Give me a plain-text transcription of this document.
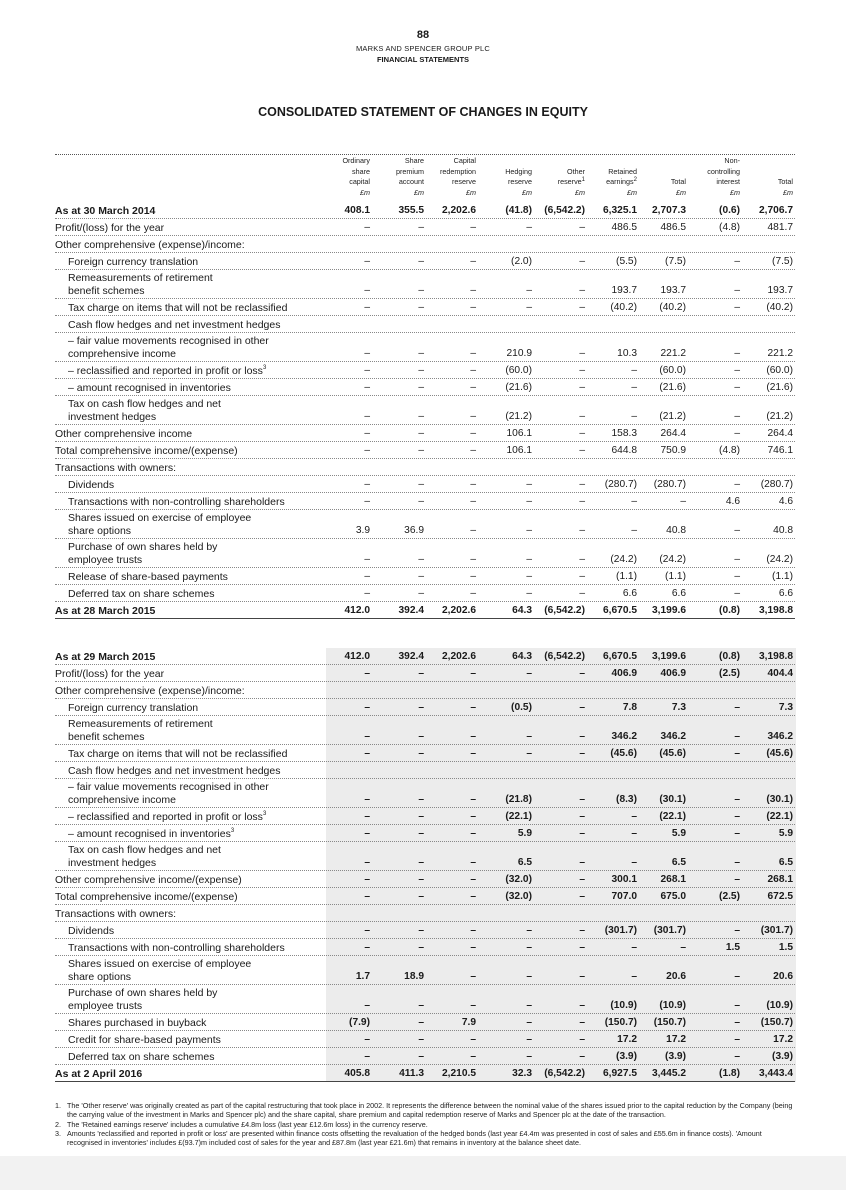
88
MARKS AND SPENCER GROUP PLC
FINANCIAL STATEMENTS
CONSOLIDATED STATEMENT OF CHANGES IN EQUITY
Ordinary
share
capital
£m
Share
premium
account
£m
Capital
redemption
reserve
£m
Hedging
reserve
£m
Other
reserve$^1$
£m
Retained
earnings$^2$
£m
Total
£m
Non-
controlling
interest
£m
Total
£m
As at 30 March 2014	408.1	355.5 2,202.6	(41.8) (6,542.2) 6,325.1 2,707.3	(0.6) 2,706.7
Profit/(loss) for the year	–	–	–	–	–	486.5 486.5	(4.8)	481.7
Other comprehensive (expense)/income:
Foreign currency translation	–	–	–	(2.0)	–	(5.5)	(7.5)	–	(7.5)
Remeasurements of retirement
benefit schemes	–	–	–	–	–	193.7 193.7	–	193.7
Tax charge on items that will not be reclassified	–	–	–	–	– (40.2) (40.2)	–	(40.2)
Cash flow hedges and net investment hedges
– fair value movements recognised in other
comprehensive income	–	–	–	210.9	–	10.3 221.2	–	221.2
– reclassified and reported in profit or loss$^3$	–	–	–	(60.0)	–	– (60.0)	–	(60.0)
– amount recognised in inventories	–	–	–	(21.6)	–	– (21.6)	–	(21.6)
Tax on cash flow hedges and net
investment hedges	–	–	–	(21.2)	–	– (21.2)	–	(21.2)
Other comprehensive income	–	–	–	106.1	–	158.3 264.4	–	264.4
Total comprehensive income/(expense)	–	–	–	106.1	–	644.8 750.9	(4.8)	746.1
Transactions with owners:
Dividends	–	–	–	–	– (280.7) (280.7)	– (280.7)
Transactions with non-controlling shareholders	–	–	–	–	–	–	–	4.6	4.6
Shares issued on exercise of employee
share options	3.9	36.9	–	–	–	–	40.8	–	40.8
Purchase of own shares held by
employee trusts	–	–	–	–	– (24.2) (24.2)	–	(24.2)
Release of share-based payments	–	–	–	–	–	(1.1)	(1.1)	–	(1.1)
Deferred tax on share schemes	–	–	–	–	–	6.6	6.6	–	6.6
As at 28 March 2015	412.0	392.4 2,202.6	64.3 (6,542.2) 6,670.5 3,199.6	(0.8) 3,198.8
As at 29 March 2015	412.0	392.4 2,202.6	64.3 (6,542.2) 6,670.5 3,199.6	(0.8) 3,198.8
Profit/(loss) for the year	–	–	–	–	–	406.9 406.9	(2.5)	404.4
Other comprehensive (expense)/income:
Foreign currency translation	–	–	–	(0.5)	–	7.8	7.3	–	7.3
Remeasurements of retirement
benefit schemes	–	–	–	–	–	346.2 346.2	–	346.2
Tax charge on items that will not be reclassified	–	–	–	–	– (45.6) (45.6)	–	(45.6)
Cash flow hedges and net investment hedges
– fair value movements recognised in other
comprehensive income	–	–	–	(21.8)	–	(8.3) (30.1)	–	(30.1)
– reclassified and reported in profit or loss$^3$	–	–	–	(22.1)	–	– (22.1)	–	(22.1)
– amount recognised in inventories$^3$	–	–	–	5.9	–	–	5.9	–	5.9
Tax on cash flow hedges and net
investment hedges	–	–	–	6.5	–	–	6.5	–	6.5
Other comprehensive income/(expense)	–	–	–	(32.0)	–	300.1 268.1	–	268.1
Total comprehensive income/(expense)	–	–	–	(32.0)	–	707.0 675.0	(2.5)	672.5
Transactions with owners:
Dividends	–	–	–	–	– (301.7) (301.7)	– (301.7)
Transactions with non-controlling shareholders	–	–	–	–	–	–	–	1.5	1.5
Shares issued on exercise of employee
share options	1.7	18.9	–	–	–	–	20.6	–	20.6
Purchase of own shares held by
employee trusts	–	–	–	–	– (10.9) (10.9)	–	(10.9)
Shares purchased in buyback	(7.9)	–	7.9	–	– (150.7) (150.7)	– (150.7)
Credit for share-based payments	–	–	–	–	–	17.2	17.2	–	17.2
Deferred tax on share schemes	–	–	–	–	–	(3.9)	(3.9)	–	(3.9)
As at 2 April 2016	405.8	411.3 2,210.5	32.3 (6,542.2) 6,927.5 3,445.2	(1.8) 3,443.4
1. The 'Other reserve' was originally created as part of the capital restructuring that took place in 2002. It represents the difference between the nominal value of the shares issued prior to the capital reduction by the Company (being the carrying value of the investment in Marks and Spencer plc) and the share capital, share premium and capital redemption reserve of Marks and Spencer plc at the date of the transaction.
2. The 'Retained earnings reserve' includes a cumulative £4.8m loss (last year £12.6m loss) in the currency reserve.
3. Amounts 'reclassified and reported in profit or loss' are presented within finance costs offsetting the revaluation of the hedged bonds (last year £4.4m was presented in cost of sales and £55.6m in finance costs). 'Amount recognised in inventories' includes £(93.7)m included cost of sales for the year and £87.8m (last year £21.6m) that remains in inventory at the balance sheet date.
